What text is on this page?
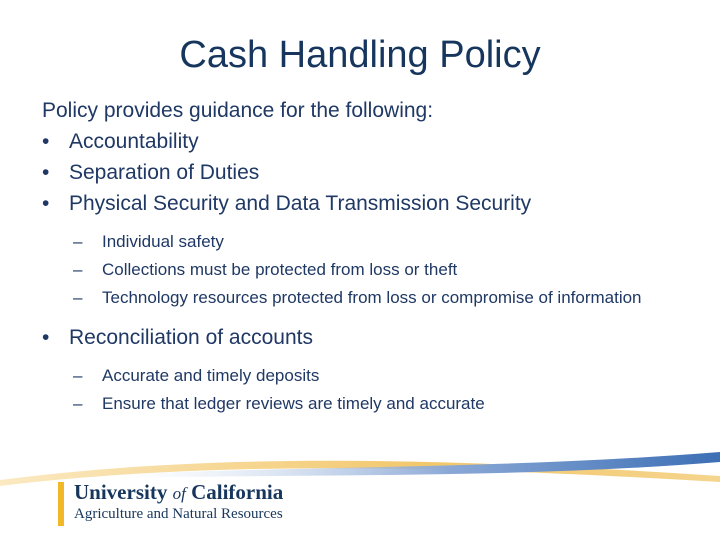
Cash Handling Policy
Policy provides guidance for the following:
• Accountability
• Separation of Duties
• Physical Security and Data Transmission Security
– Individual safety
– Collections must be protected from loss or theft
– Technology resources protected from loss or compromise of information
• Reconciliation of accounts
– Accurate and timely deposits
– Ensure that ledger reviews are timely and accurate
University of California
Agriculture and Natural Resources
